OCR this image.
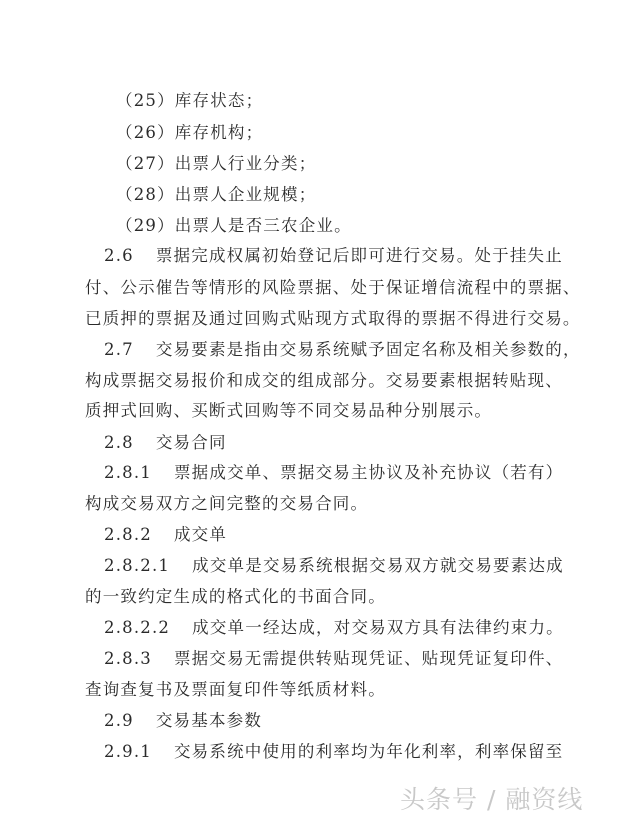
（25）库存状态；
（26）库存机构；
（27）出票人行业分类；
（28）出票人企业规模；
（29）出票人是否三农企业。
2.6 票据完成权属初始登记后即可进行交易。处于挂失止
付、公示催告等情形的风险票据、处于保证增信流程中的票据、
已质押的票据及通过回购式贴现方式取得的票据不得进行交易。
2.7 交易要素是指由交易系统赋予固定名称及相关参数的，
构成票据交易报价和成交的组成部分。交易要素根据转贴现、
质押式回购、买断式回购等不同交易品种分别展示。
2.8 交易合同
2.8.1 票据成交单、票据交易主协议及补充协议（若有）
构成交易双方之间完整的交易合同。
2.8.2 成交单
2.8.2.1 成交单是交易系统根据交易双方就交易要素达成
的一致约定生成的格式化的书面合同。
2.8.2.2 成交单一经达成，对交易双方具有法律约束力。
2.8.3 票据交易无需提供转贴现凭证、贴现凭证复印件、
查询查复书及票面复印件等纸质材料。
2.9 交易基本参数
2.9.1 交易系统中使用的利率均为年化利率，利率保留至
头条号 / 融资线
